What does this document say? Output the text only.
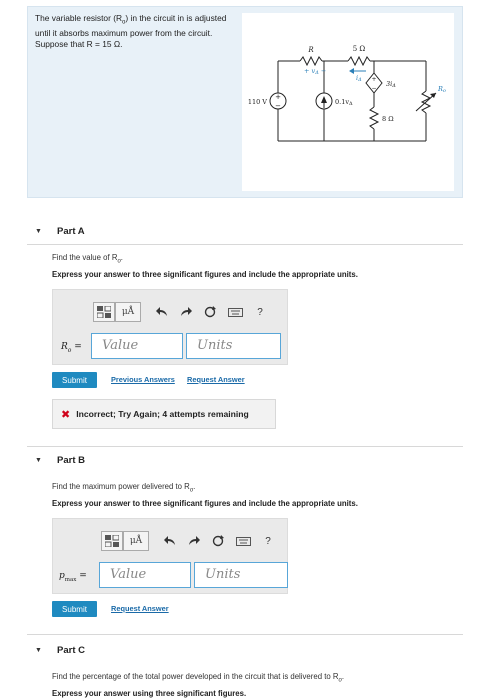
The variable resistor $(R_o)$ in the circuit in is adjusted
until it absorbs maximum power from the circuit.
Suppose that R = 15 Ω.
+
−
+
−
R
+ vΔ −
5 Ω
iΔ
110 V	0.1vΔ
3iΔ
8 Ω
Ro
▼	Part A
Find the value of $R_o$.
Express your answer to three significant figures and include the appropriate units.
μÅ	?
$R_o$ =	Value	Units
Submit	Previous Answers Request Answer
✖ Incorrect; Try Again; 4 attempts remaining
▼	Part B
Find the maximum power delivered to $R_o$.
Express your answer to three significant figures and include the appropriate units.
μÅ	?
$p_{max}$ =	Value	Units
Submit	Request Answer
▼	Part C
Find the percentage of the total power developed in the circuit that is delivered to $R_o$.
Express your answer using three significant figures.
